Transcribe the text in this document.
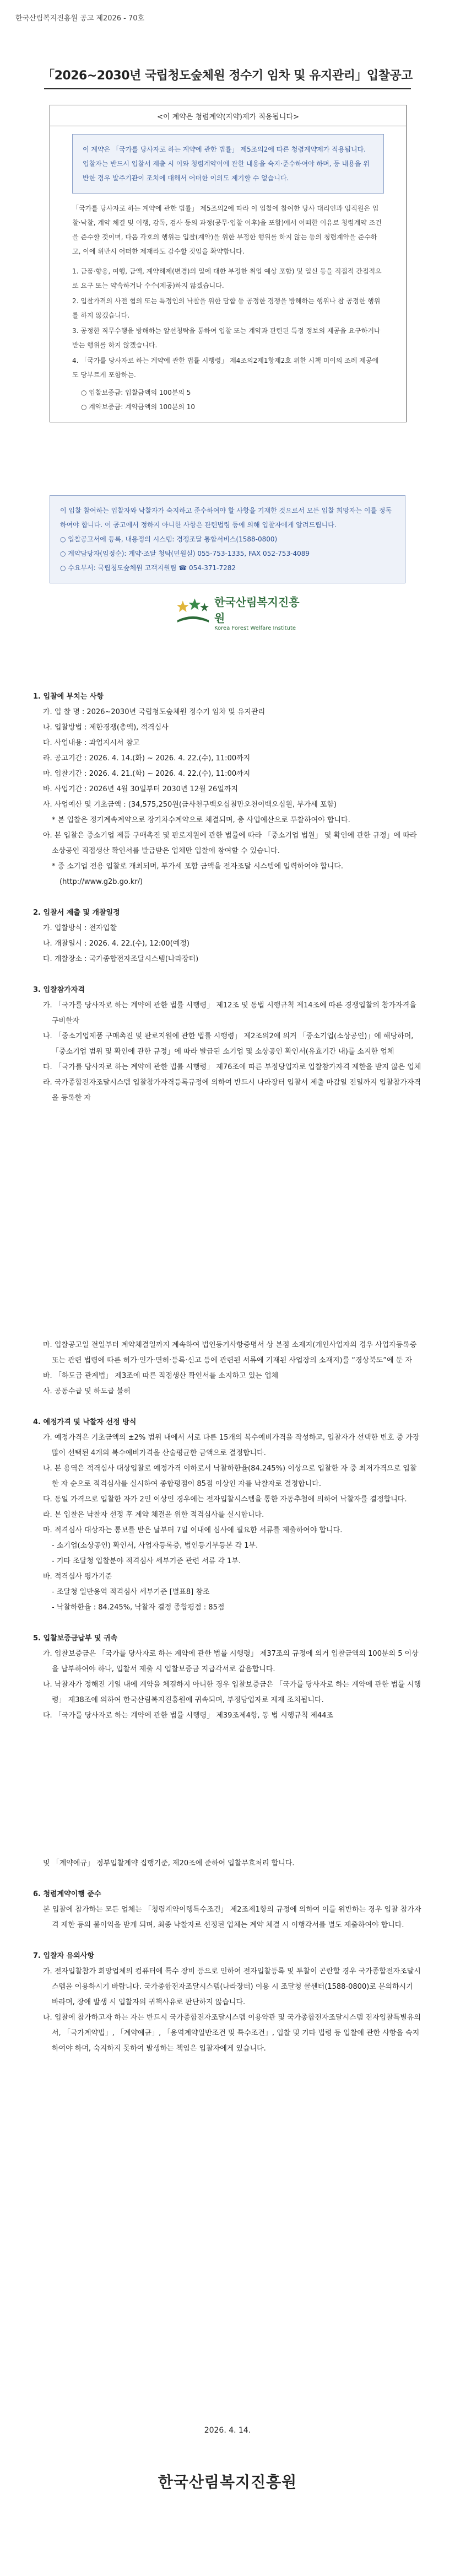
한국산림복지진흥원 공고 제2026 - 70호
「2026∼2030년 국립청도숲체원 정수기 임차 및 유지관리」입찰공고
<이 계약은 청렴계약(지약)제가 적용됩니다>
이 계약은 「국가를 당사자로 하는 계약에 관한 법률」 제5조의2에 따른 청렴계약제가 적용됩니다. 입찰자는 반드시 입찰서 제출 시 이와 청렴계약이에 관한 내용을 숙지·준수하여야 하며, 등 내용을 위반한 경우 발주기관이 조치에 대해서 어떠한 이의도 제기할 수 없습니다.
「국가를 당사자로 하는 계약에 관한 법률」 제5조의2에 따라 이 입찰에 참여한 당사 대리인과 임직원은 입찰·낙찰, 계약 체결 및 이행, 감독, 검사 등의 과정(공무·입찰 이후)을 포함)에서 어떠한 이유로 청렴계약 조건을 준수할 것이며, 다음 각호의 행위는 입찰(계약)을 위한 부정한 행위를 하지 않는 등의 청렴계약을 준수하고, 이에 위반시 어떠한 제재라도 감수할 것임을 확약합니다.
1. 금품·향응, 여행, 금액, 계약해제(변경)의 일에 대한 부정한 취업 예상 포함) 및 일신 등을 직접적 간접적으로 요구 또는 약속하거나 수수(제공)하지 않겠습니다.
2. 입찰가격의 사전 협의 또는 특정인의 낙찰을 위한 담합 등 공정한 경쟁을 방해하는 행위나 참 공정한 행위를 하지 않겠습니다.
3. 공정한 직무수행을 방해하는 알선청탁을 통하여 입찰 또는 계약과 관련된 특정 정보의 제공을 요구하거나 받는 행위를 하지 않겠습니다.
4. 「국가를 당사자로 하는 계약에 관한 법률 시행령」 제4조의2제1항제2호 위한 시책 미이의 조례 제공에도 당부르게 포함하는.
○ 입찰보증금: 입찰금액의 100분의 5
○ 계약보증금: 계약금액의 100분의 10
이 입찰 참여하는 입찰자와 낙찰자가 숙지하고 준수하여야 할 사항을 기재한 것으로서 모든 입찰 희망자는 이를 정독하여야 합니다. 이 공고에서 정하지 아니한 사항은 관련법령 등에 의해 입찰자에게 알려드립니다.
○ 입찰공고서에 등록, 내용정의 시스템: 경쟁조달 통합서비스(1588-0800)
○ 계약담당자(임정순): 계약·조달 청탁(민원실) 055-753-1335, FAX 052-753-4089
○ 수요부서: 국립청도숲체원 고객지원팀 ☎ 054-371-7282
한국산림복지진흥원
Korea Forest Welfare Institute
1. 입찰에 부치는 사항
가. 입 찰 명 : 2026∼2030년 국립청도숲체원 정수기 임차 및 유지관리
나. 입찰방법 : 제한경쟁(총액), 적격심사
다. 사업내용 : 과업지시서 참고
라. 공고기간 : 2026. 4. 14.(화) ~ 2026. 4. 22.(수), 11:00까지
마. 입찰기간 : 2026. 4. 21.(화) ~ 2026. 4. 22.(수), 11:00까지
바. 사업기간 : 2026년 4월 30일부터 2030년 12월 26일까지
사. 사업예산 및 기초금액 : (34,575,250원(금사천구백오십칠만오천이백오십원, 부가세 포함)
* 본 입찰은 정기계속계약으로 장기차수계약으로 체결되며, 총 사업예산으로 투찰하여야 합니다.
아. 본 입찰은 중소기업 제품 구매촉진 및 판로지원에 관한 법률에 따라 「중소기업 법원」 및 확인에 관한 규정」에 따라 소상공인 직접생산 확인서를 발급받은 업체만 입찰에 참여할 수 있습니다.
* 중 소기업 전용 입찰로 개최되며, 부가세 포함 금액을 전자조달 시스템에 입력하여야 합니다.(http://www.g2b.go.kr/)
2. 입찰서 제출 및 개찰일정
가. 입찰방식 : 전자입찰
나. 개찰일시 : 2026. 4. 22.(수), 12:00(예정)
다. 개찰장소 : 국가종합전자조달시스템(나라장터)
3. 입찰참가자격
가. 「국가를 당사자로 하는 계약에 관한 법률 시행령」 제12조 및 동법 시행규칙 제14조에 따른 경쟁입찰의 참가자격을 구비한자
나. 「중소기업제품 구매촉진 및 판로지원에 관한 법률 시행령」 제2조의2에 의거 「중소기업(소상공인)」에 해당하며, 「중소기업 범위 및 확인에 관한 규정」에 따라 발급된 소기업 및 소상공인 확인서(유효기간 내)를 소지한 업체
다. 「국가를 당사자로 하는 계약에 관한 법률 시행령」 제76조에 따른 부정당업자로 입찰참가자격 제한을 받지 않은 업체
라. 국가종합전자조달시스템 입찰참가자격등록규정에 의하여 반드시 나라장터 입찰서 제출 마감일 전일까지 입찰참가자격을 등록한 자
마. 입찰공고일 전일부터 계약체결일까지 계속하여 법인등기사항증명서 상 본점 소재지(개인사업자의 경우 사업자등록증 또는 관련 법령에 따른 허가·인가·면허·등록·신고 등에 관련된 서류에 기재된 사업장의 소재지)를 “경상북도”에 둔 자
바. 「하도급 관계법」 제3조에 따른 직접생산 확인서를 소지하고 있는 업체
사. 공동수급 및 하도급 불허
4. 예정가격 및 낙찰자 선정 방식
가. 예정가격은 기초금액의 ±2% 범위 내에서 서로 다른 15개의 복수예비가격을 작성하고, 입찰자가 선택한 번호 중 가장 많이 선택된 4개의 복수예비가격을 산술평균한 금액으로 결정합니다.
나. 본 용역은 적격심사 대상입찰로 예정가격 이하로서 낙찰하한율(84.245%) 이상으로 입찰한 자 중 최저가격으로 입찰한 자 순으로 적격심사를 실시하여 종합평점이 85점 이상인 자를 낙찰자로 결정합니다.
다. 동일 가격으로 입찰한 자가 2인 이상인 경우에는 전자입찰시스템을 통한 자동추첨에 의하여 낙찰자를 결정합니다.
라. 본 입찰은 낙찰자 선정 후 계약 체결을 위한 적격심사를 실시합니다.
마. 적격심사 대상자는 통보를 받은 날부터 7일 이내에 심사에 필요한 서류를 제출하여야 합니다.
- 소기업(소상공인) 확인서, 사업자등록증, 법인등기부등본 각 1부.
- 기타 조달청 입찰분야 적격심사 세부기준 관련 서류 각 1부.
바. 적격심사 평가기준
- 조달청 일반용역 적격심사 세부기준 [별표8] 참조
- 낙찰하한율 : 84.245%, 낙찰자 결정 종합평점 : 85점
5. 입찰보증금납부 및 귀속
가. 입찰보증금은 「국가를 당사자로 하는 계약에 관한 법률 시행령」 제37조의 규정에 의거 입찰금액의 100분의 5 이상을 납부하여야 하나, 입찰서 제출 시 입찰보증금 지급각서로 갈음합니다.
나. 낙찰자가 정해진 기일 내에 계약을 체결하지 아니한 경우 입찰보증금은 「국가를 당사자로 하는 계약에 관한 법률 시행령」 제38조에 의하여 한국산림복지진흥원에 귀속되며, 부정당업자로 제재 조치됩니다.
다. 「국가를 당사자로 하는 계약에 관한 법률 시행령」 제39조제4항, 동 법 시행규칙 제44조
및 「계약예규」 정부입찰계약 집행기준, 제20조에 준하여 입찰무효처리 합니다.
6. 청렴계약이행 준수
본 입찰에 참가하는 모든 업체는 「청렴계약이행특수조건」 제2조제1항의 규정에 의하여 이를 위반하는 경우 입찰 참가자격 제한 등의 불이익을 받게 되며, 최종 낙찰자로 선정된 업체는 계약 체결 시 이행각서를 별도 제출하여야 합니다.
7. 입찰자 유의사항
가. 전자입찰참가 희망업체의 컴퓨터에 특수 장비 등으로 인하여 전자입찰등록 및 투찰이 곤란할 경우 국가종합전자조달시스템을 이용하시기 바랍니다. 국가종합전자조달시스템(나라장터) 이용 시 조달청 콜센터(1588-0800)로 문의하시기 바라며, 장애 발생 시 입찰자의 귀책사유로 판단하지 않습니다.
나. 입찰에 참가하고자 하는 자는 반드시 국가종합전자조달시스템 이용약관 및 국가종합전자조달시스템 전자입찰특별유의서, 「국가계약법」, 「계약예규」, 「용역계약일반조건 및 특수조건」, 입찰 및 기타 법령 등 입찰에 관한 사항을 숙지하여야 하며, 숙지하지 못하여 발생하는 책임은 입찰자에게 있습니다.
2026. 4. 14.
한국산림복지진흥원
